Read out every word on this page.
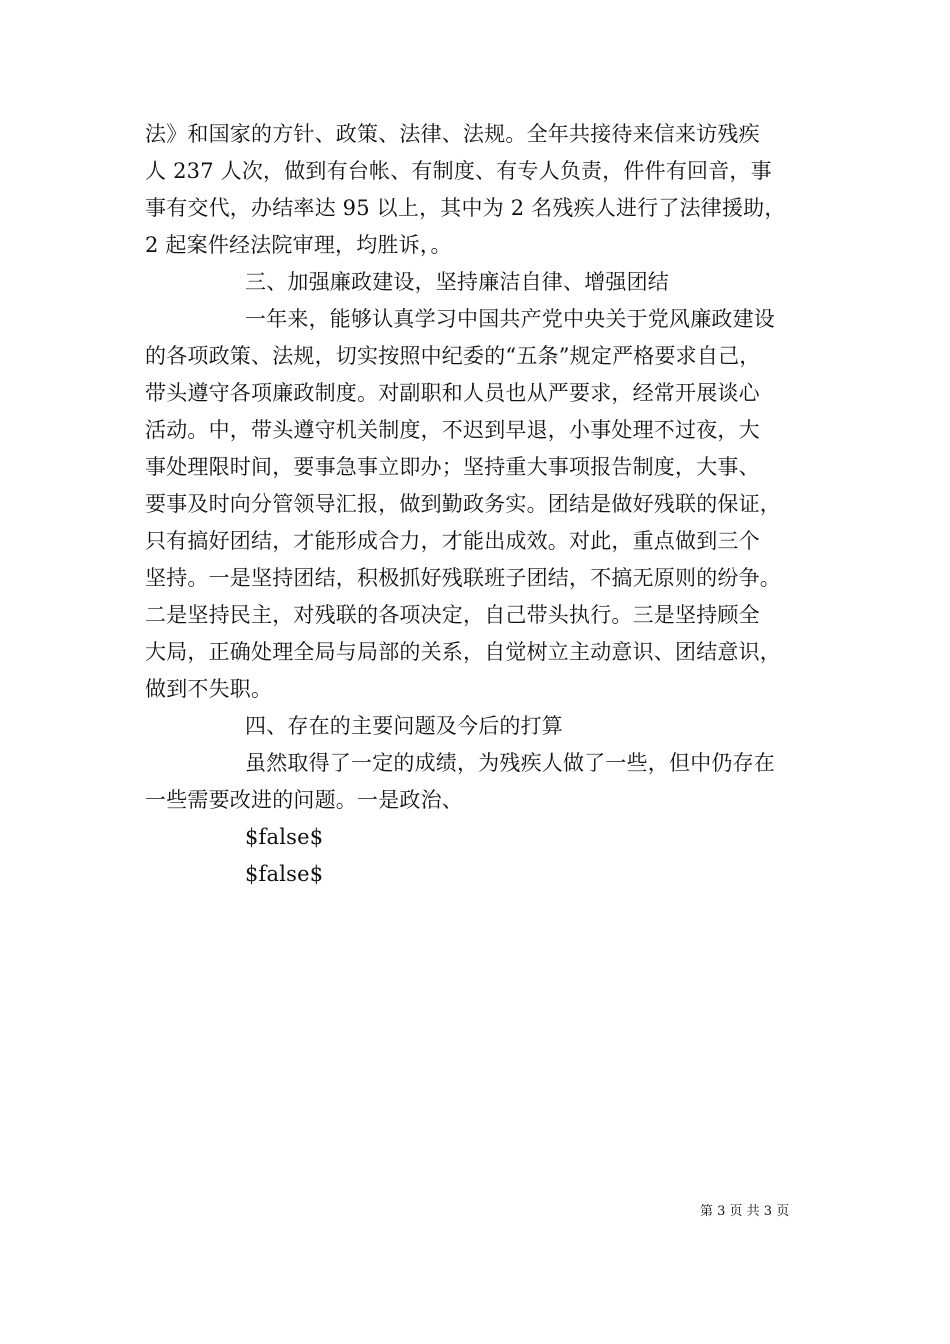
法》和国家的方针、政策、法律、法规。全年共接待来信来访残疾
人 237 人次，做到有台帐、有制度、有专人负责，件件有回音，事
事有交代，办结率达 95 以上，其中为 2 名残疾人进行了法律援助，
2 起案件经法院审理，均胜诉，。
三、加强廉政建设，坚持廉洁自律、增强团结
一年来，能够认真学习中国共产党中央关于党风廉政建设
的各项政策、法规，切实按照中纪委的“五条”规定严格要求自己，
带头遵守各项廉政制度。对副职和人员也从严要求，经常开展谈心
活动。中，带头遵守机关制度，不迟到早退，小事处理不过夜，大
事处理限时间，要事急事立即办；坚持重大事项报告制度，大事、
要事及时向分管领导汇报，做到勤政务实。团结是做好残联的保证，
只有搞好团结，才能形成合力，才能出成效。对此，重点做到三个
坚持。一是坚持团结，积极抓好残联班子团结，不搞无原则的纷争。
二是坚持民主，对残联的各项决定，自己带头执行。三是坚持顾全
大局，正确处理全局与局部的关系，自觉树立主动意识、团结意识，
做到不失职。
四、存在的主要问题及今后的打算
虽然取得了一定的成绩，为残疾人做了一些，但中仍存在
一些需要改进的问题。一是政治、
$false$
$false$
第 3 页 共 3 页
